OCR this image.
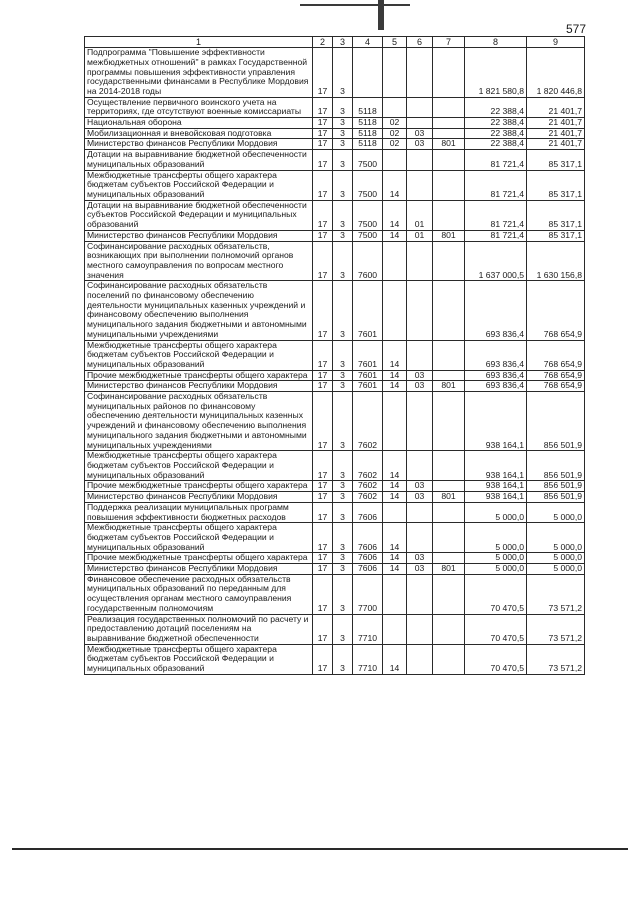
577
1	2	3	4	5	6	7	8	9
Подпрограмма "Повышение эффективности межбюджетных отношений" в рамках Государственной программы повышения эффективности управления государственными финансами в Республике Мордовия на 2014-2018 годы	17	3					1 821 580,8	1 820 446,8
Осуществление первичного воинского учета на территориях, где отсутствуют военные комиссариаты	17	3	5118				22 388,4	21 401,7
Национальная оборона	17	3	5118	02			22 388,4	21 401,7
Мобилизационная и вневойсковая подготовка	17	3	5118	02	03		22 388,4	21 401,7
Министерство финансов Республики Мордовия	17	3	5118	02	03	801	22 388,4	21 401,7
Дотации на выравнивание бюджетной обеспеченности муниципальных образований	17	3	7500				81 721,4	85 317,1
Межбюджетные трансферты общего характера бюджетам субъектов Российской Федерации и муниципальных образований	17	3	7500	14			81 721,4	85 317,1
Дотации на выравнивание бюджетной обеспеченности субъектов Российской Федерации и муниципальных образований	17	3	7500	14	01		81 721,4	85 317,1
Министерство финансов Республики Мордовия	17	3	7500	14	01	801	81 721,4	85 317,1
Софинансирование расходных обязательств, возникающих при выполнении полномочий органов местного самоуправления по вопросам местного значения	17	3	7600				1 637 000,5	1 630 156,8
Софинансирование расходных обязательств поселений по финансовому обеспечению деятельности муниципальных казенных учреждений и финансовому обеспечению выполнения муниципального задания бюджетными и автономными муниципальными учреждениями	17	3	7601				693 836,4	768 654,9
Межбюджетные трансферты общего характера бюджетам субъектов Российской Федерации и муниципальных образований	17	3	7601	14			693 836,4	768 654,9
Прочие межбюджетные трансферты общего характера	17	3	7601	14	03		693 836,4	768 654,9
Министерство финансов Республики Мордовия	17	3	7601	14	03	801	693 836,4	768 654,9
Софинансирование расходных обязательств муниципальных районов по финансовому обеспечению деятельности муниципальных казенных учреждений и финансовому обеспечению выполнения муниципального задания бюджетными и автономными муниципальных учреждениями	17	3	7602				938 164,1	856 501,9
Межбюджетные трансферты общего характера бюджетам субъектов Российской Федерации и муниципальных образований	17	3	7602	14			938 164,1	856 501,9
Прочие межбюджетные трансферты общего характера	17	3	7602	14	03		938 164,1	856 501,9
Министерство финансов Республики Мордовия	17	3	7602	14	03	801	938 164,1	856 501,9
Поддержка реализации муниципальных программ повышения эффективности бюджетных расходов	17	3	7606				5 000,0	5 000,0
Межбюджетные трансферты общего характера бюджетам субъектов Российской Федерации и муниципальных образований	17	3	7606	14			5 000,0	5 000,0
Прочие межбюджетные трансферты общего характера	17	3	7606	14	03		5 000,0	5 000,0
Министерство финансов Республики Мордовия	17	3	7606	14	03	801	5 000,0	5 000,0
Финансовое обеспечение расходных обязательств муниципальных образований по переданным для осуществления органам местного самоуправления государственным полномочиям	17	3	7700				70 470,5	73 571,2
Реализация государственных полномочий по расчету и предоставлению дотаций поселениям на выравнивание бюджетной обеспеченности	17	3	7710				70 470,5	73 571,2
Межбюджетные трансферты общего характера бюджетам субъектов Российской Федерации и муниципальных образований	17	3	7710	14			70 470,5	73 571,2
